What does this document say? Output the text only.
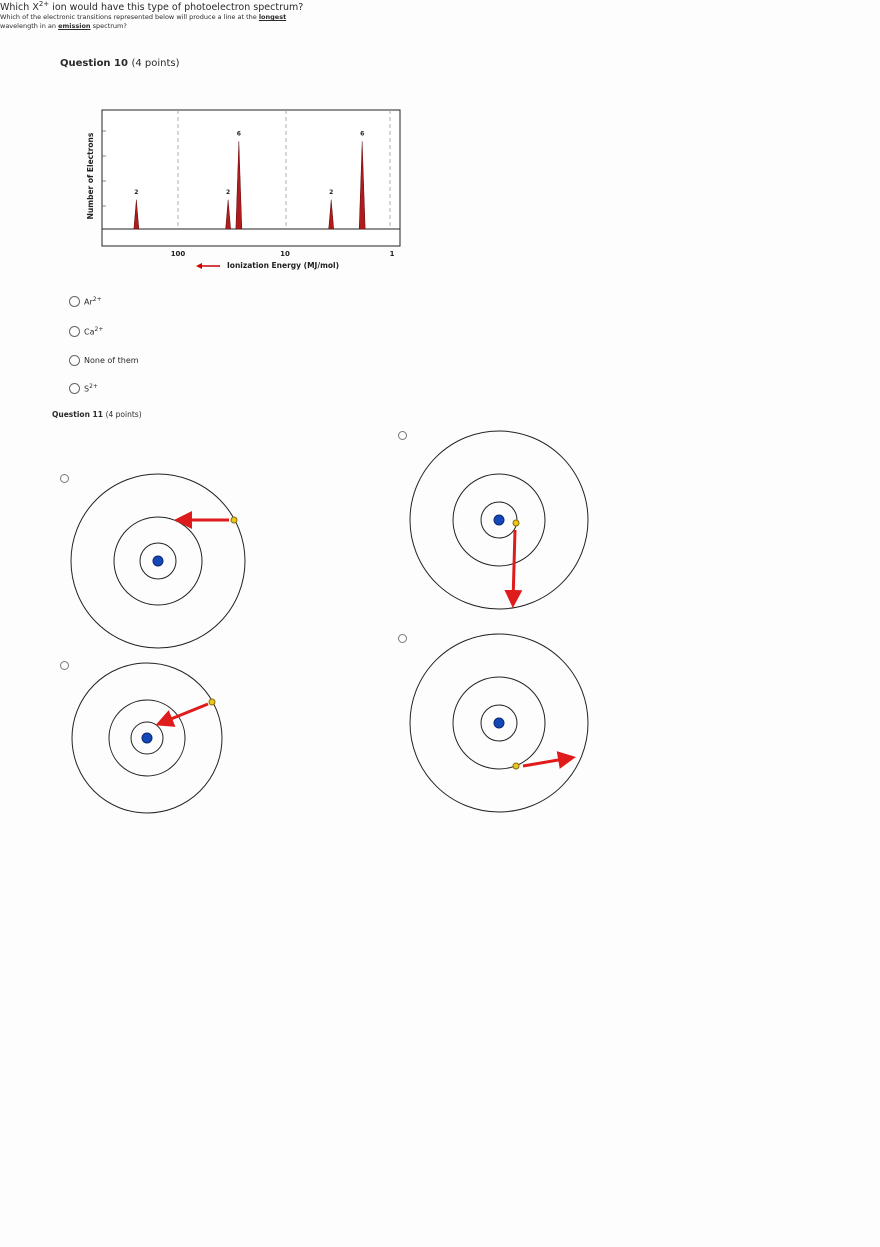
Question 10 (4 points)
Which $X^{2+}$ ion would have this type of photoelectron spectrum?
100	10	1
2	2
6
2
6
Number of Electrons
Ionization Energy (MJ/mol)
$Ar^{2+}$
$Ca^{2+}$
None of them
$S^{2+}$
Question 11 (4 points)
Which of the electronic transitions represented below will produce a line at the longest wavelength in an emission spectrum?
